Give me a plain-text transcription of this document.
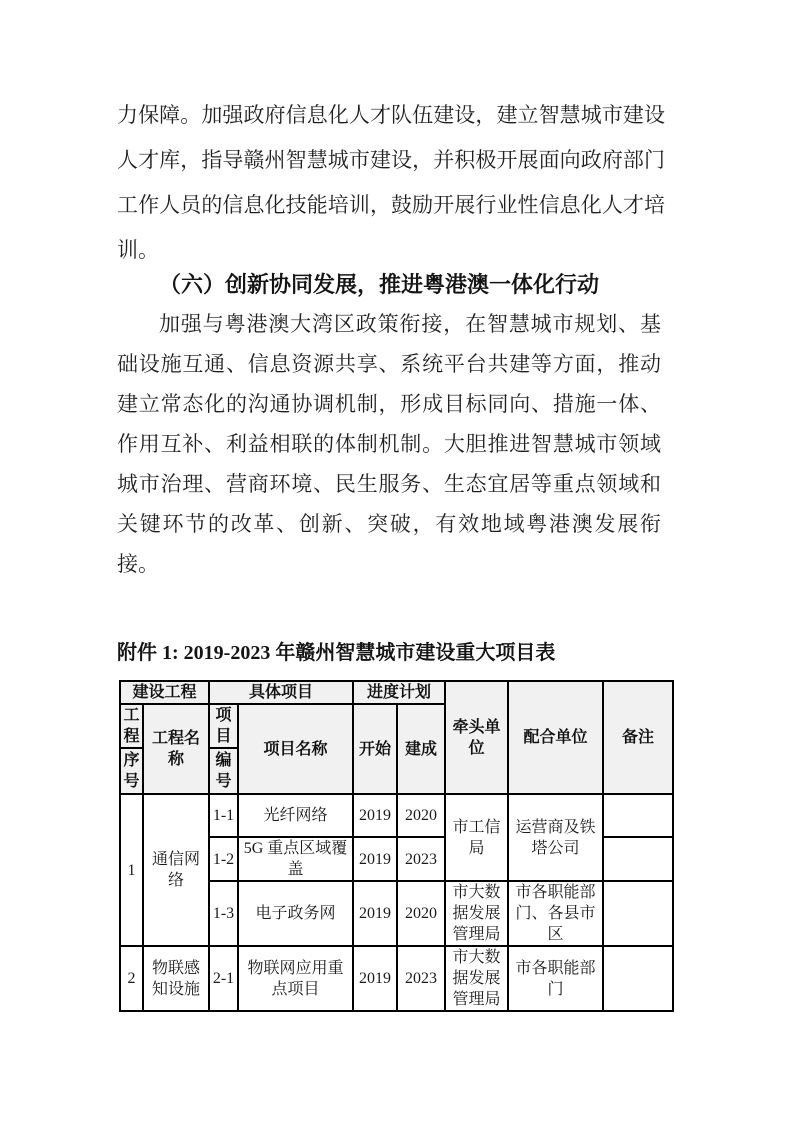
力保障。加强政府信息化人才队伍建设，建立智慧城市建设人才库，指导赣州智慧城市建设，并积极开展面向政府部门工作人员的信息化技能培训，鼓励开展行业性信息化人才培训。

（六）创新协同发展，推进粤港澳一体化行动

加强与粤港澳大湾区政策衔接，在智慧城市规划、基础设施互通、信息资源共享、系统平台共建等方面，推动建立常态化的沟通协调机制，形成目标同向、措施一体、作用互补、利益相联的体制机制。大胆推进智慧城市领域城市治理、营商环境、民生服务、生态宜居等重点领域和关键环节的改革、创新、突破，有效地域粤港澳发展衔接。

附件 1: 2019-2023 年赣州智慧城市建设重大项目表
建设工程		具体项目		进度计划		牵头单位	配合单位	备注
工程	工程名称	项目	项目名称	开始	建成			
序号		编号						
1	通信网络	1-1	光纤网络	2019	2020	市工信局	运营商及铁塔公司	
		1-2	5G 重点区域覆盖	2019	2023			
		1-3	电子政务网	2019	2020	市大数据发展管理局	市各职能部门、各县市区	
2	物联感知设施	2-1	物联网应用重点项目	2019	2023	市大数据发展管理局	市各职能部门	
